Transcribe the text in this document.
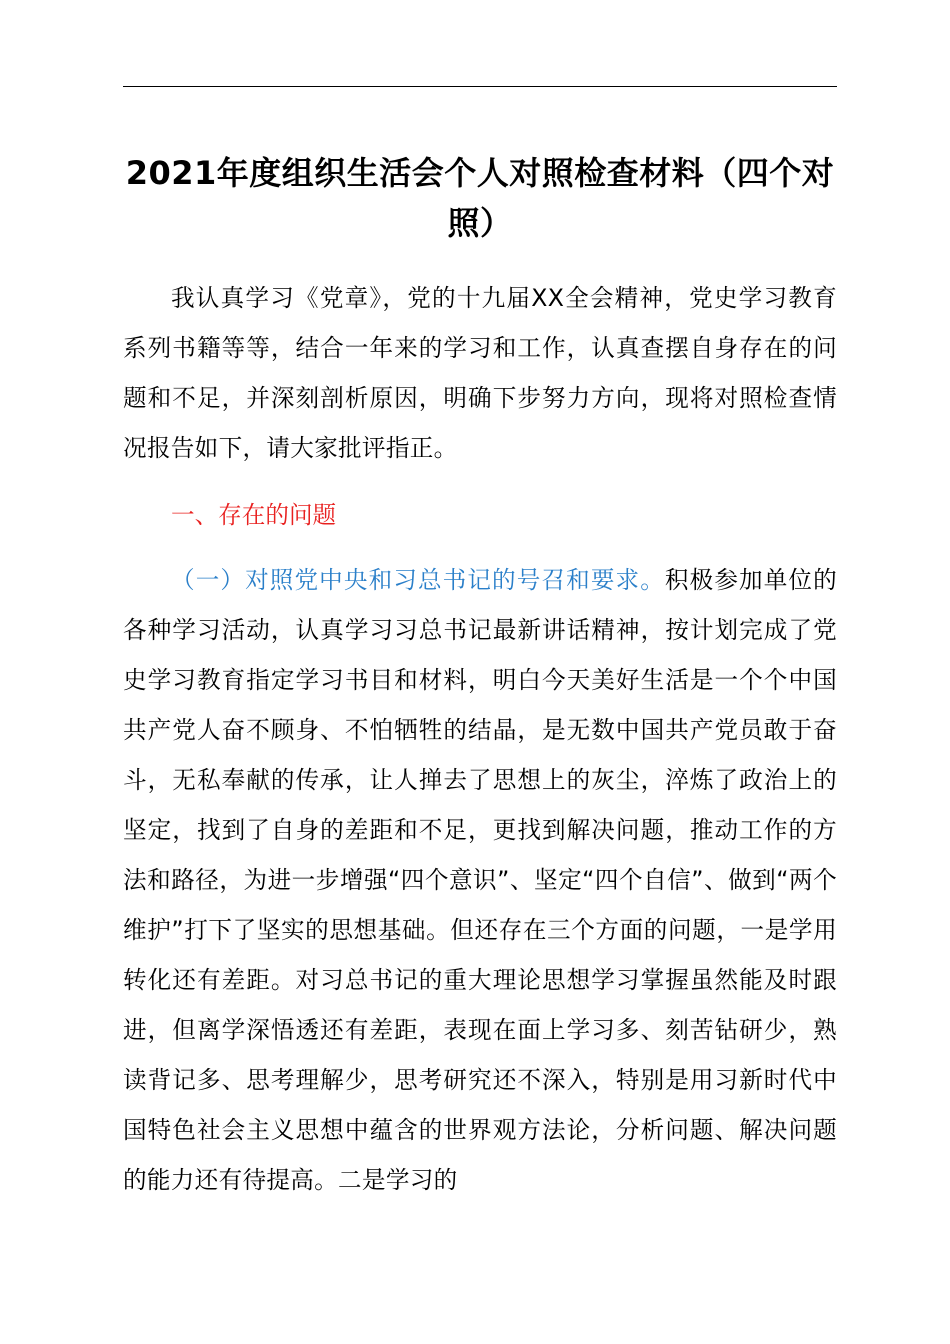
2021年度组织生活会个人对照检查材料（四个对照）

我认真学习《党章》，党的十九届XX全会精神，党史学习教育系列书籍等等，结合一年来的学习和工作，认真查摆自身存在的问题和不足，并深刻剖析原因，明确下步努力方向，现将对照检查情况报告如下，请大家批评指正。

一、存在的问题

（一）对照党中央和习总书记的号召和要求。积极参加单位的各种学习活动，认真学习习总书记最新讲话精神，按计划完成了党史学习教育指定学习书目和材料，明白今天美好生活是一个个中国共产党人奋不顾身、不怕牺牲的结晶，是无数中国共产党员敢于奋斗，无私奉献的传承，让人掸去了思想上的灰尘，淬炼了政治上的坚定，找到了自身的差距和不足，更找到解决问题，推动工作的方法和路径，为进一步增强“四个意识”、坚定“四个自信”、做到“两个维护”打下了坚实的思想基础。但还存在三个方面的问题，一是学用转化还有差距。对习总书记的重大理论思想学习掌握虽然能及时跟进，但离学深悟透还有差距，表现在面上学习多、刻苦钻研少，熟读背记多、思考理解少，思考研究还不深入，特别是用习新时代中国特色社会主义思想中蕴含的世界观方法论，分析问题、解决问题的能力还有待提高。二是学习的
